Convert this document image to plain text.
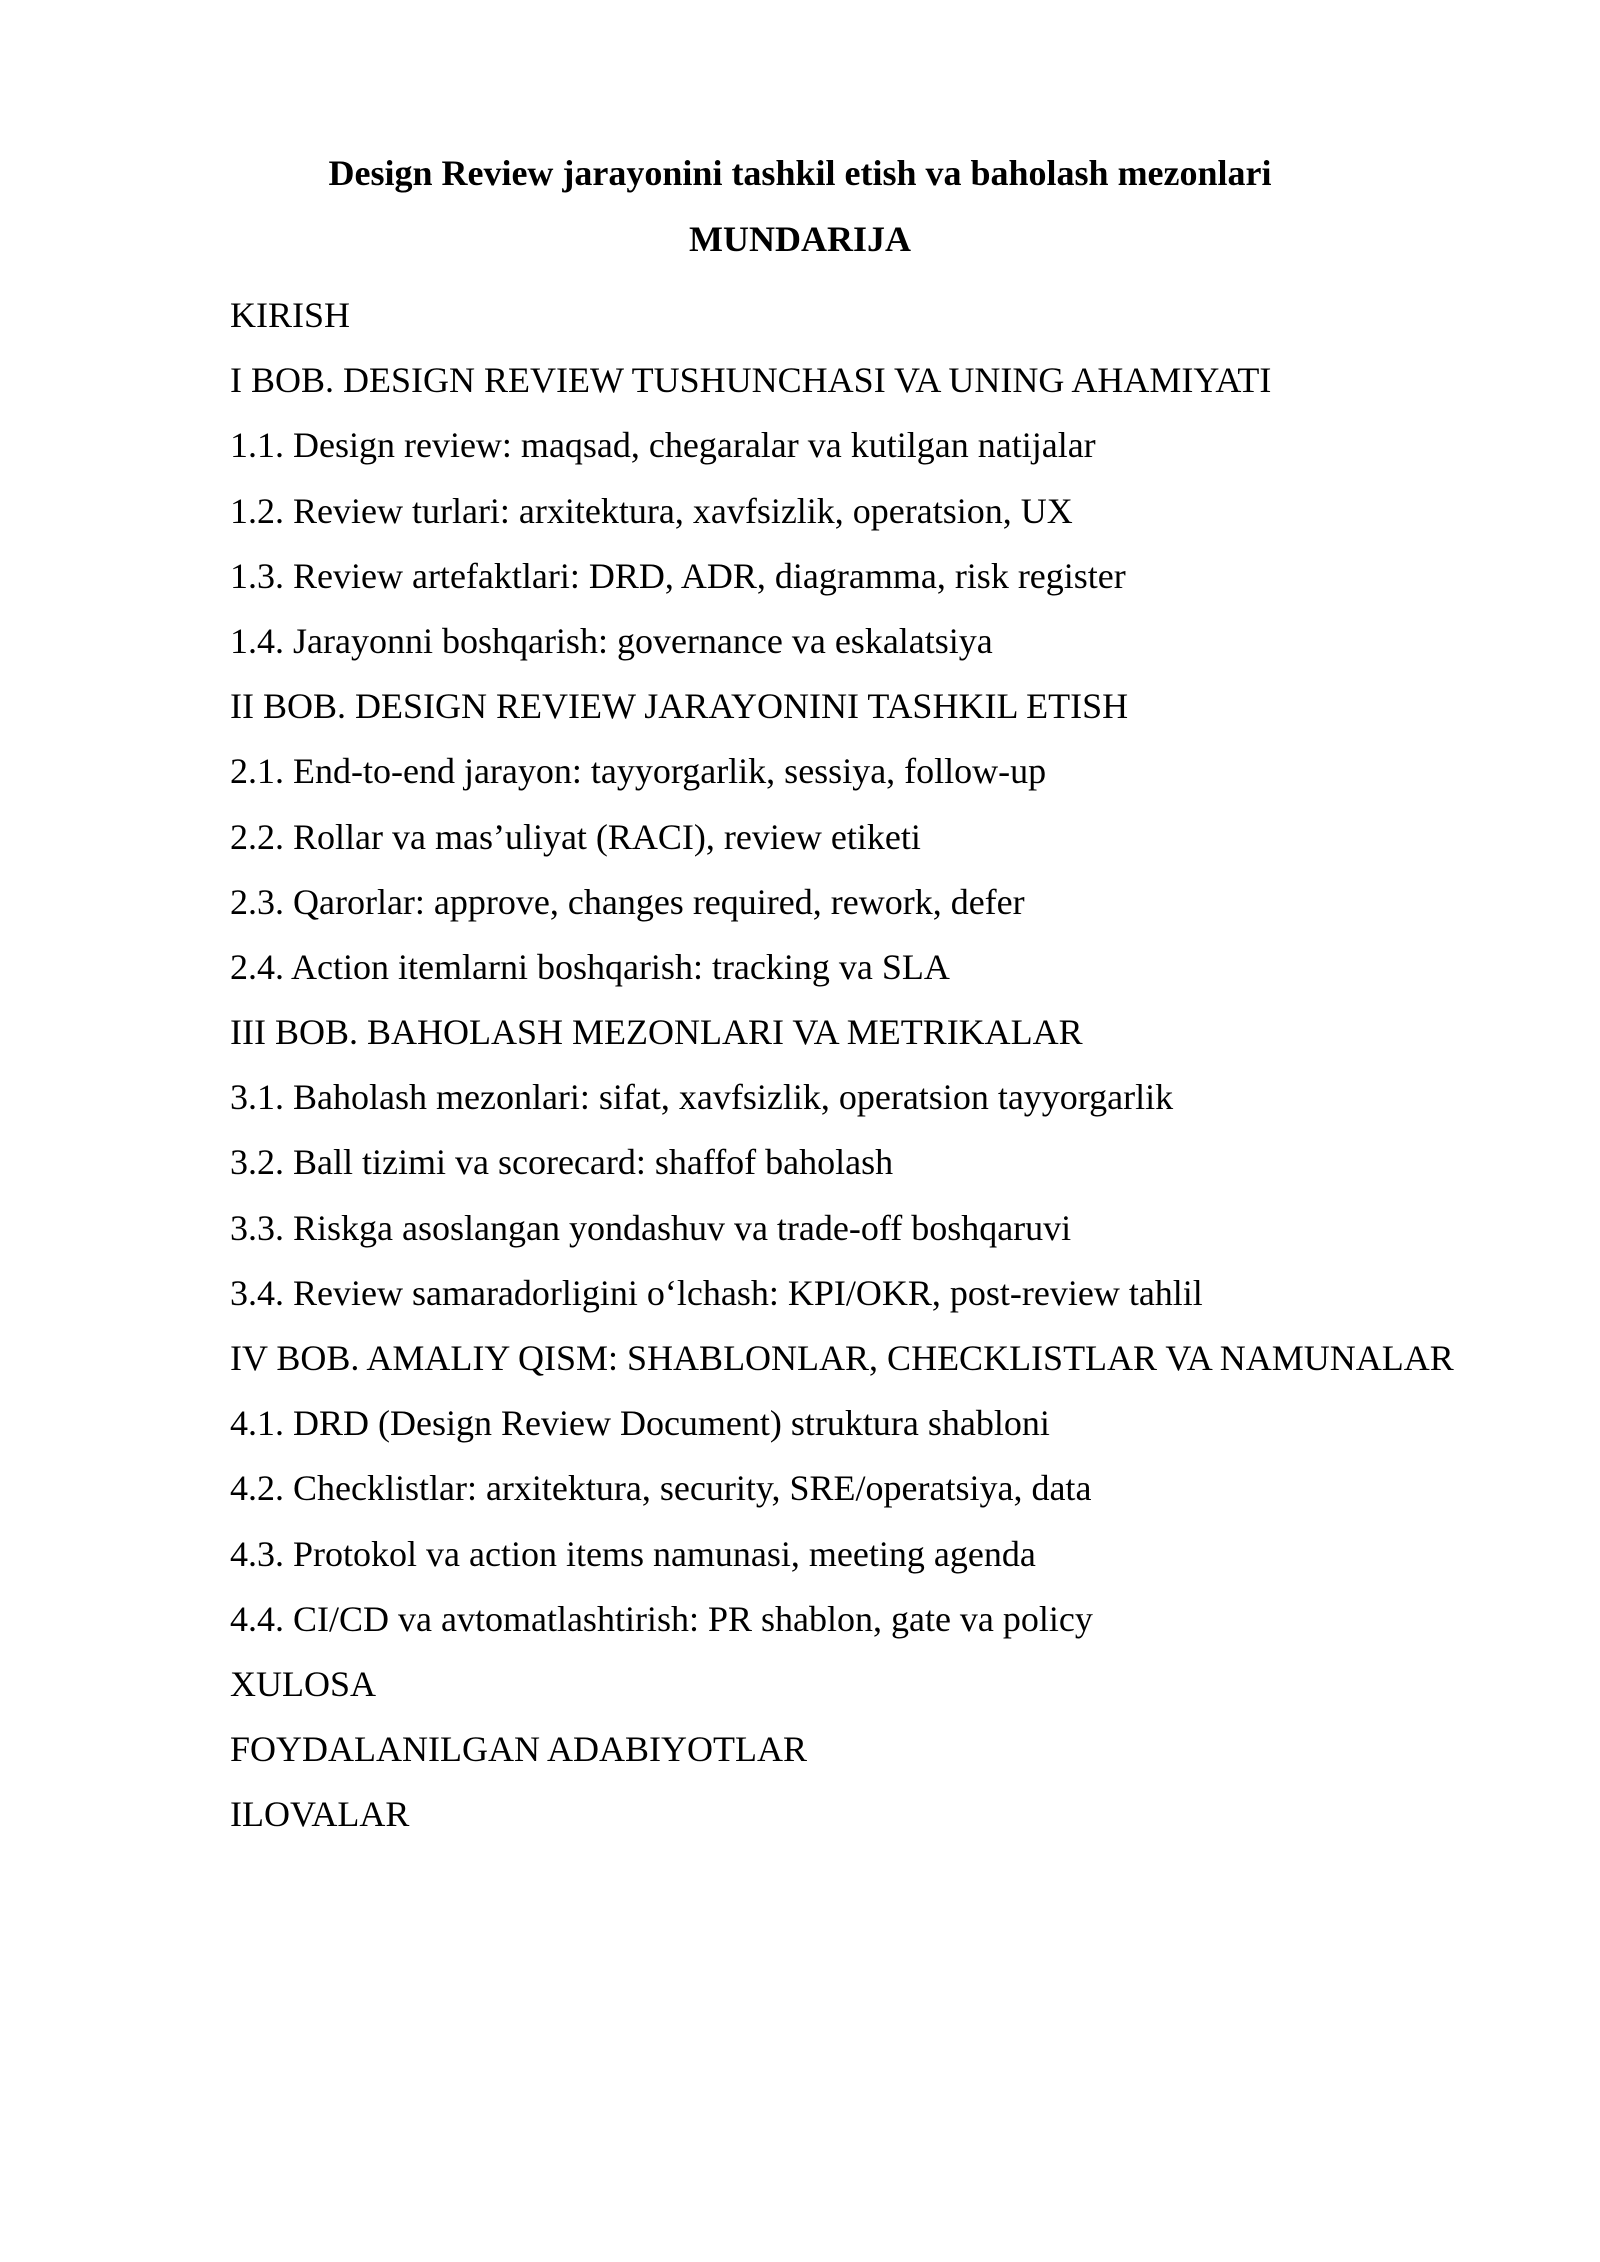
Design Review jarayonini tashkil etish va baholash mezonlari
MUNDARIJA
KIRISH
I BOB. DESIGN REVIEW TUSHUNCHASI VA UNING AHAMIYATI
1.1. Design review: maqsad, chegaralar va kutilgan natijalar
1.2. Review turlari: arxitektura, xavfsizlik, operatsion, UX
1.3. Review artefaktlari: DRD, ADR, diagramma, risk register
1.4. Jarayonni boshqarish: governance va eskalatsiya
II BOB. DESIGN REVIEW JARAYONINI TASHKIL ETISH
2.1. End-to-end jarayon: tayyorgarlik, sessiya, follow-up
2.2. Rollar va mas’uliyat (RACI), review etiketi
2.3. Qarorlar: approve, changes required, rework, defer
2.4. Action itemlarni boshqarish: tracking va SLA
III BOB. BAHOLASH MEZONLARI VA METRIKALAR
3.1. Baholash mezonlari: sifat, xavfsizlik, operatsion tayyorgarlik
3.2. Ball tizimi va scorecard: shaffof baholash
3.3. Riskga asoslangan yondashuv va trade-off boshqaruvi
3.4. Review samaradorligini o‘lchash: KPI/OKR, post-review tahlil
IV BOB. AMALIY QISM: SHABLONLAR, CHECKLISTLAR VA NAMUNALAR
4.1. DRD (Design Review Document) struktura shabloni
4.2. Checklistlar: arxitektura, security, SRE/operatsiya, data
4.3. Protokol va action items namunasi, meeting agenda
4.4. CI/CD va avtomatlashtirish: PR shablon, gate va policy
XULOSA
FOYDALANILGAN ADABIYOTLAR
ILOVALAR
